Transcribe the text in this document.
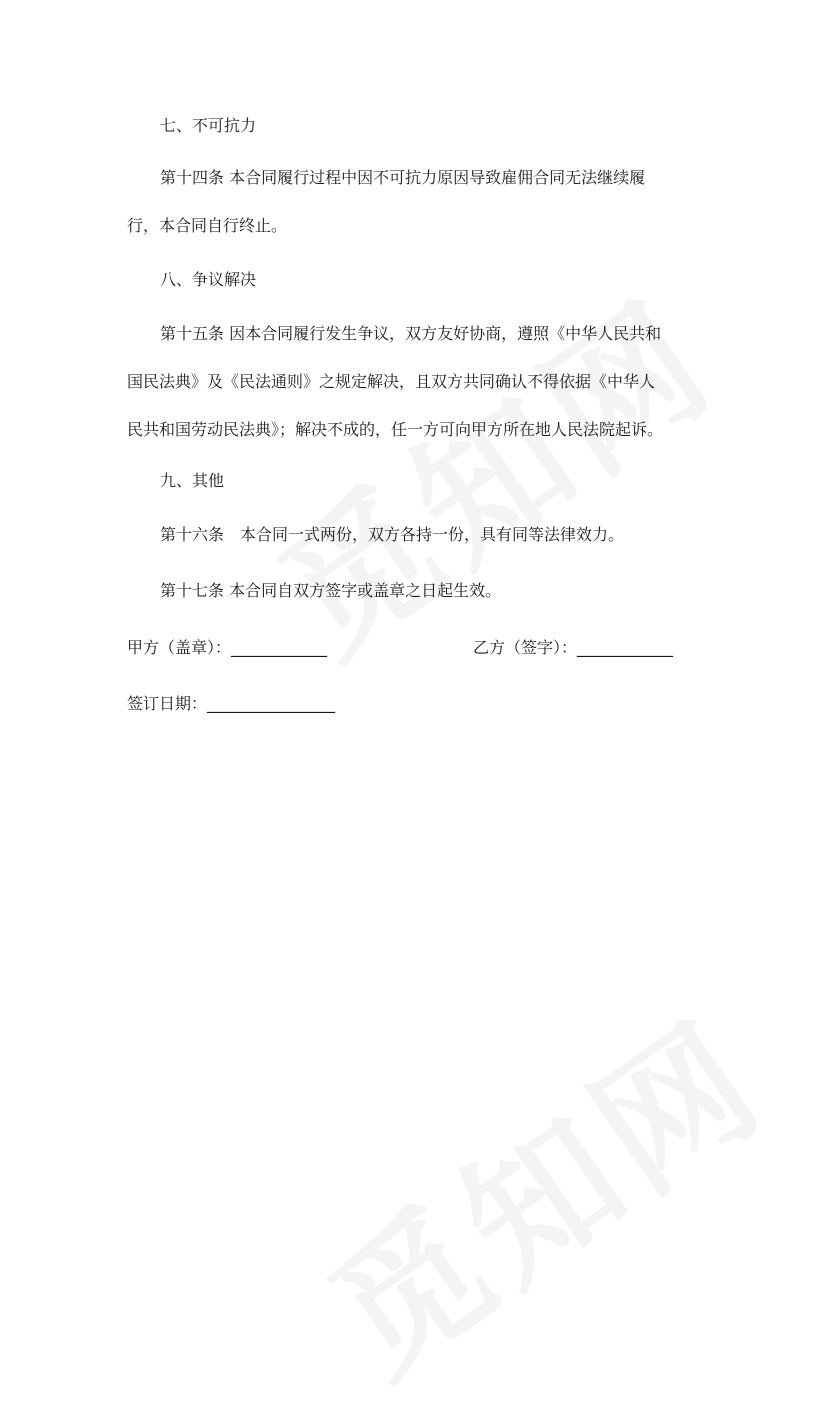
七、不可抗力

第十四条 本合同履行过程中因不可抗力原因导致雇佣合同无法继续履

行，本合同自行终止。

八、争议解决

第十五条 因本合同履行发生争议，双方友好协商，遵照《中华人民共和

国民法典》及《民法通则》之规定解决，且双方共同确认不得依据《中华人

民共和国劳动民法典》；解决不成的，任一方可向甲方所在地人民法院起诉。

九、其他

第十六条　本合同一式两份，双方各持一份，具有同等法律效力。

第十七条 本合同自双方签字或盖章之日起生效。

甲方（盖章）：____________	乙方（签字）：____________

签订日期：________________
